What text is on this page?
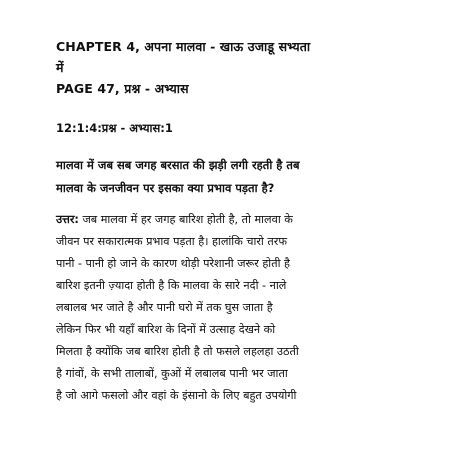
CHAPTER 4, अपना मालवा - खाऊ उजाडू सभ्यता
में
PAGE 47, प्रश्न - अभ्यास
12:1:4:प्रश्न - अभ्यास:1
मालवा में जब सब जगह बरसात की झड़ी लगी रहती है तब
मालवा के जनजीवन पर इसका क्या प्रभाव पड़ता है?
उत्तर: जब मालवा में हर जगह बारिश होती है, तो मालवा के
जीवन पर सकारात्मक प्रभाव पड़ता है। हालांकि चारो तरफ
पानी - पानी हो जाने के कारण थोड़ी परेशानी जरूर होती है
बारिश इतनी ज़्यादा होती है कि मालवा के सारे नदी - नाले
लबालब भर जाते है और पानी घरो में तक घुस जाता है
लेकिन फिर भी यहाँ बारिश के दिनों में उत्साह देखने को
मिलता है क्योंकि जब बारिश होती है तो फसले लहलहा उठती
है गांवों, के सभी तालाबों, कुओं में लबालब पानी भर जाता
है जो आगे फसलो और वहां के इंसानो के लिए बहुत उपयोगी
